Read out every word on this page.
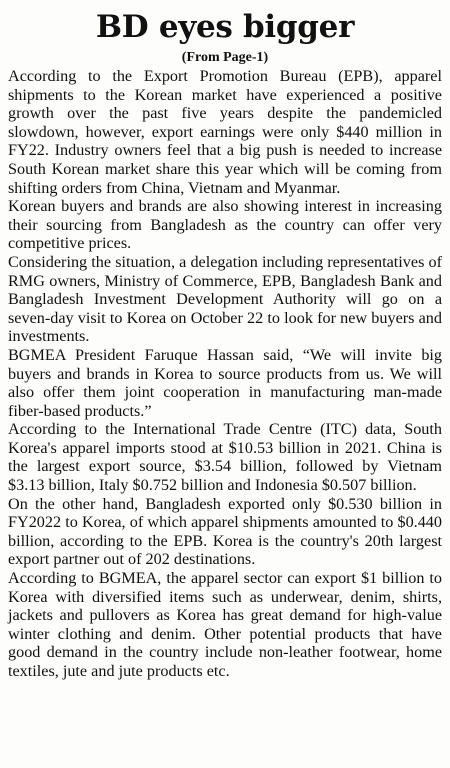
BD eyes bigger
(From Page-1)

According to the Export Promotion Bureau (EPB), apparel shipments to the Korean market have experienced a positive growth over the past five years despite the pandemicled slowdown, however, export earnings were only $440 million in FY22. Industry owners feel that a big push is needed to increase South Korean market share this year which will be coming from shifting orders from China, Vietnam and Myanmar.

Korean buyers and brands are also showing interest in increasing their sourcing from Bangladesh as the country can offer very competitive prices.

Considering the situation, a delegation including representatives of RMG owners, Ministry of Commerce, EPB, Bangladesh Bank and Bangladesh Investment Development Authority will go on a seven-day visit to Korea on October 22 to look for new buyers and investments.

BGMEA President Faruque Hassan said, “We will invite big buyers and brands in Korea to source products from us. We will also offer them joint cooperation in manufacturing man-made fiber-based products.”

According to the International Trade Centre (ITC) data, South Korea's apparel imports stood at $10.53 billion in 2021. China is the largest export source, $3.54 billion, followed by Vietnam $3.13 billion, Italy $0.752 billion and Indonesia $0.507 billion.

On the other hand, Bangladesh exported only $0.530 billion in FY2022 to Korea, of which apparel shipments amounted to $0.440 billion, according to the EPB. Korea is the country's 20th largest export partner out of 202 destinations.

According to BGMEA, the apparel sector can export $1 billion to Korea with diversified items such as underwear, denim, shirts, jackets and pullovers as Korea has great demand for high-value winter clothing and denim. Other potential products that have good demand in the country include non-leather footwear, home textiles, jute and jute products etc.
